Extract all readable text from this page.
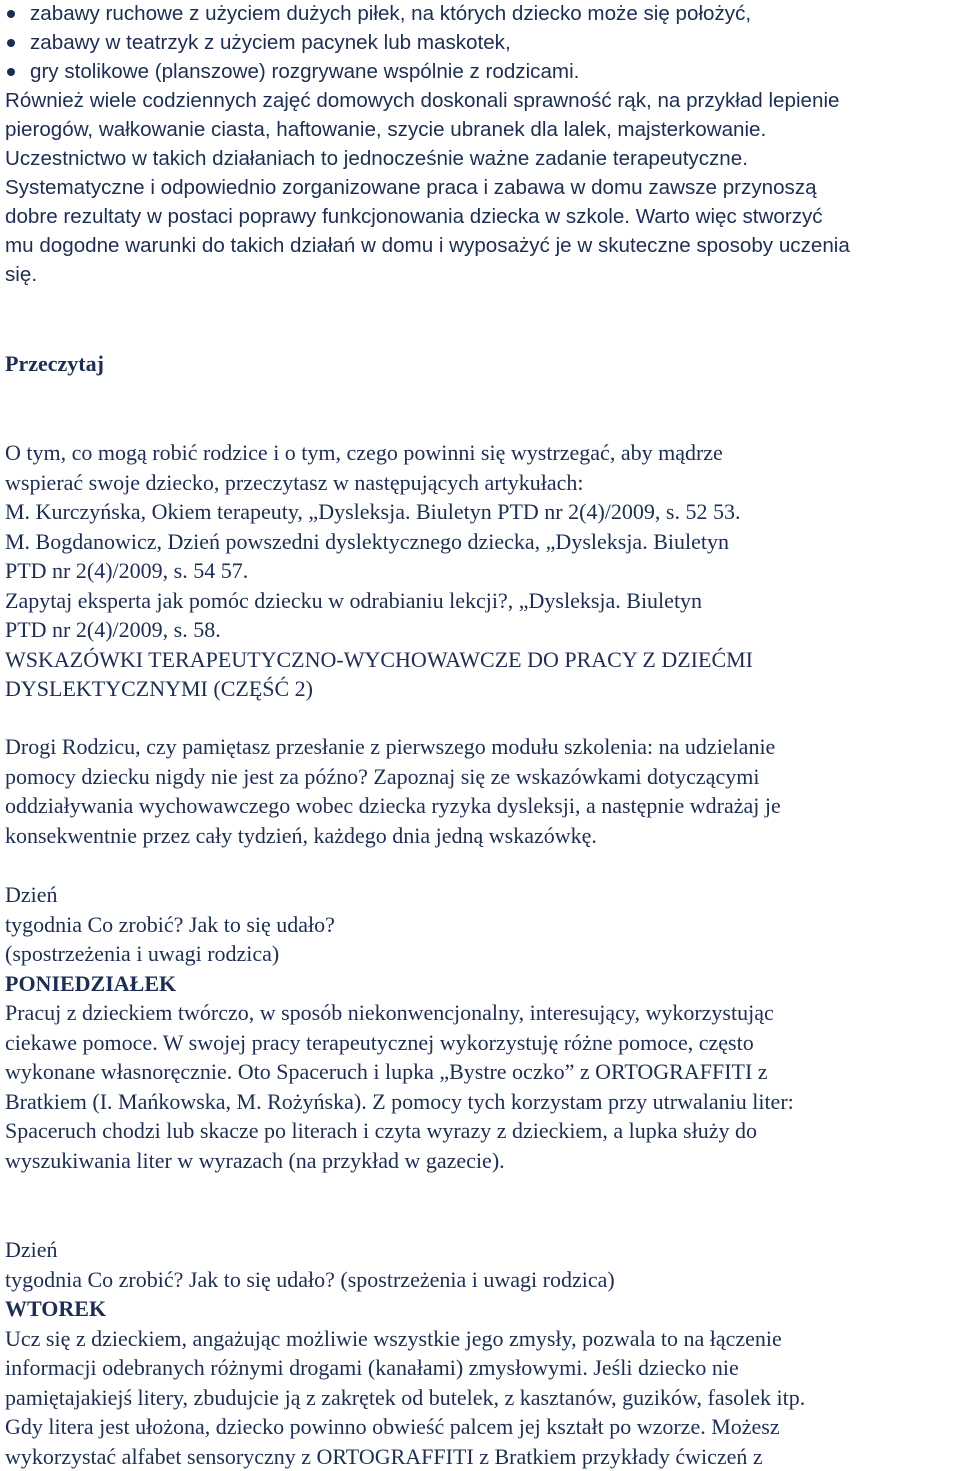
zabawy ruchowe z użyciem dużych piłek, na których dziecko może się położyć,
zabawy w teatrzyk z użyciem pacynek lub maskotek,
gry stolikowe (planszowe) rozgrywane wspólnie z rodzicami.
Również wiele codziennych zajęć domowych doskonali sprawność rąk, na przykład lepienie
pierogów, wałkowanie ciasta, haftowanie, szycie ubranek dla lalek, majsterkowanie.
Uczestnictwo w takich działaniach to jednocześnie ważne zadanie terapeutyczne.
Systematyczne i odpowiednio zorganizowane praca i zabawa w domu zawsze przynoszą
dobre rezultaty w postaci poprawy funkcjonowania dziecka w szkole. Warto więc stworzyć
mu dogodne warunki do takich działań w domu i wyposażyć je w skuteczne sposoby uczenia
się.
Przeczytaj
O tym, co mogą robić rodzice i o tym, czego powinni się wystrzegać, aby mądrze
wspierać swoje dziecko, przeczytasz w następujących artykułach:
M. Kurczyńska, Okiem terapeuty, „Dysleksja. Biuletyn PTD nr 2(4)/2009, s. 52 53.
M. Bogdanowicz, Dzień powszedni dyslektycznego dziecka, „Dysleksja. Biuletyn
PTD nr 2(4)/2009, s. 54 57.
Zapytaj eksperta jak pomóc dziecku w odrabianiu lekcji?, „Dysleksja. Biuletyn
PTD nr 2(4)/2009, s. 58.
WSKAZÓWKI TERAPEUTYCZNO-WYCHOWAWCZE DO PRACY Z DZIEĆMI
DYSLEKTYCZNYMI (CZĘŚĆ 2)
Drogi Rodzicu, czy pamiętasz przesłanie z pierwszego modułu szkolenia: na udzielanie
pomocy dziecku nigdy nie jest za późno? Zapoznaj się ze wskazówkami dotyczącymi
oddziaływania wychowawczego wobec dziecka ryzyka dysleksji, a następnie wdrażaj je
konsekwentnie przez cały tydzień, każdego dnia jedną wskazówkę.
Dzień
tygodnia Co zrobić? Jak to się udało?
(spostrzeżenia i uwagi rodzica)
PONIEDZIAŁEK
Pracuj z dzieckiem twórczo, w sposób niekonwencjonalny, interesujący, wykorzystując
ciekawe pomoce. W swojej pracy terapeutycznej wykorzystuję różne pomoce, często
wykonane własnoręcznie. Oto Spaceruch i lupka „Bystre oczko” z ORTOGRAFFITI z
Bratkiem (I. Mańkowska, M. Rożyńska). Z pomocy tych korzystam przy utrwalaniu liter:
Spaceruch chodzi lub skacze po literach i czyta wyrazy z dzieckiem, a lupka służy do
wyszukiwania liter w wyrazach (na przykład w gazecie).
Dzień
tygodnia Co zrobić? Jak to się udało? (spostrzeżenia i uwagi rodzica)
WTOREK
Ucz się z dzieckiem, angażując możliwie wszystkie jego zmysły, pozwala to na łączenie
informacji odebranych różnymi drogami (kanałami) zmysłowymi. Jeśli dziecko nie
pamiętajakiejś litery, zbudujcie ją z zakrętek od butelek, z kasztanów, guzików, fasolek itp.
Gdy litera jest ułożona, dziecko powinno obwieść palcem jej kształt po wzorze. Możesz
wykorzystać alfabet sensoryczny z ORTOGRAFFITI z Bratkiem przykłady ćwiczeń z
